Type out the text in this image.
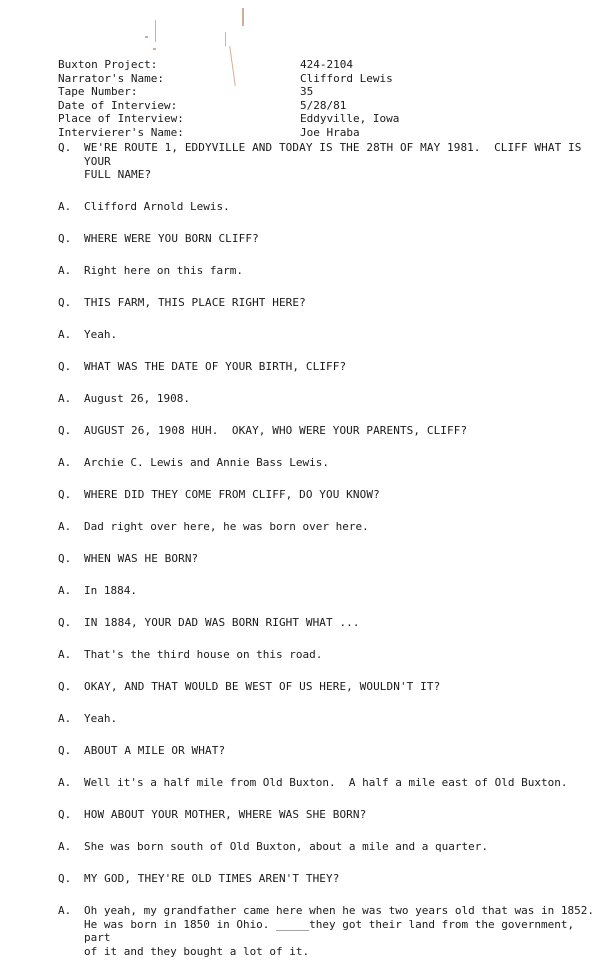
Buxton Project:	424-2104
Narrator's Name:	Clifford Lewis
Tape Number:	35
Date of Interview:	5/28/81
Place of Interview:	Eddyville, Iowa
Intervierer's Name:	Joe Hraba
Q.	WE'RE ROUTE 1, EDDYVILLE AND TODAY IS THE 28TH OF MAY 1981.  CLIFF WHAT IS YOUR
FULL NAME?
A.	Clifford Arnold Lewis.
Q.	WHERE WERE YOU BORN CLIFF?
A.	Right here on this farm.
Q.	THIS FARM, THIS PLACE RIGHT HERE?
A.	Yeah.
Q.	WHAT WAS THE DATE OF YOUR BIRTH, CLIFF?
A.	August 26, 1908.
Q.	AUGUST 26, 1908 HUH.  OKAY, WHO WERE YOUR PARENTS, CLIFF?
A.	Archie C. Lewis and Annie Bass Lewis.
Q.	WHERE DID THEY COME FROM CLIFF, DO YOU KNOW?
A.	Dad right over here, he was born over here.
Q.	WHEN WAS HE BORN?
A.	In 1884.
Q.	IN 1884, YOUR DAD WAS BORN RIGHT WHAT ...
A.	That's the third house on this road.
Q.	OKAY, AND THAT WOULD BE WEST OF US HERE, WOULDN'T IT?
A.	Yeah.
Q.	ABOUT A MILE OR WHAT?
A.	Well it's a half mile from Old Buxton.  A half a mile east of Old Buxton.
Q.	HOW ABOUT YOUR MOTHER, WHERE WAS SHE BORN?
A.	She was born south of Old Buxton, about a mile and a quarter.
Q.	MY GOD, THEY'RE OLD TIMES AREN'T THEY?
A.	Oh yeah, my grandfather came here when he was two years old that was in 1852.
He was born in 1850 in Ohio. _____they got their land from the government, part
of it and they bought a lot of it.
